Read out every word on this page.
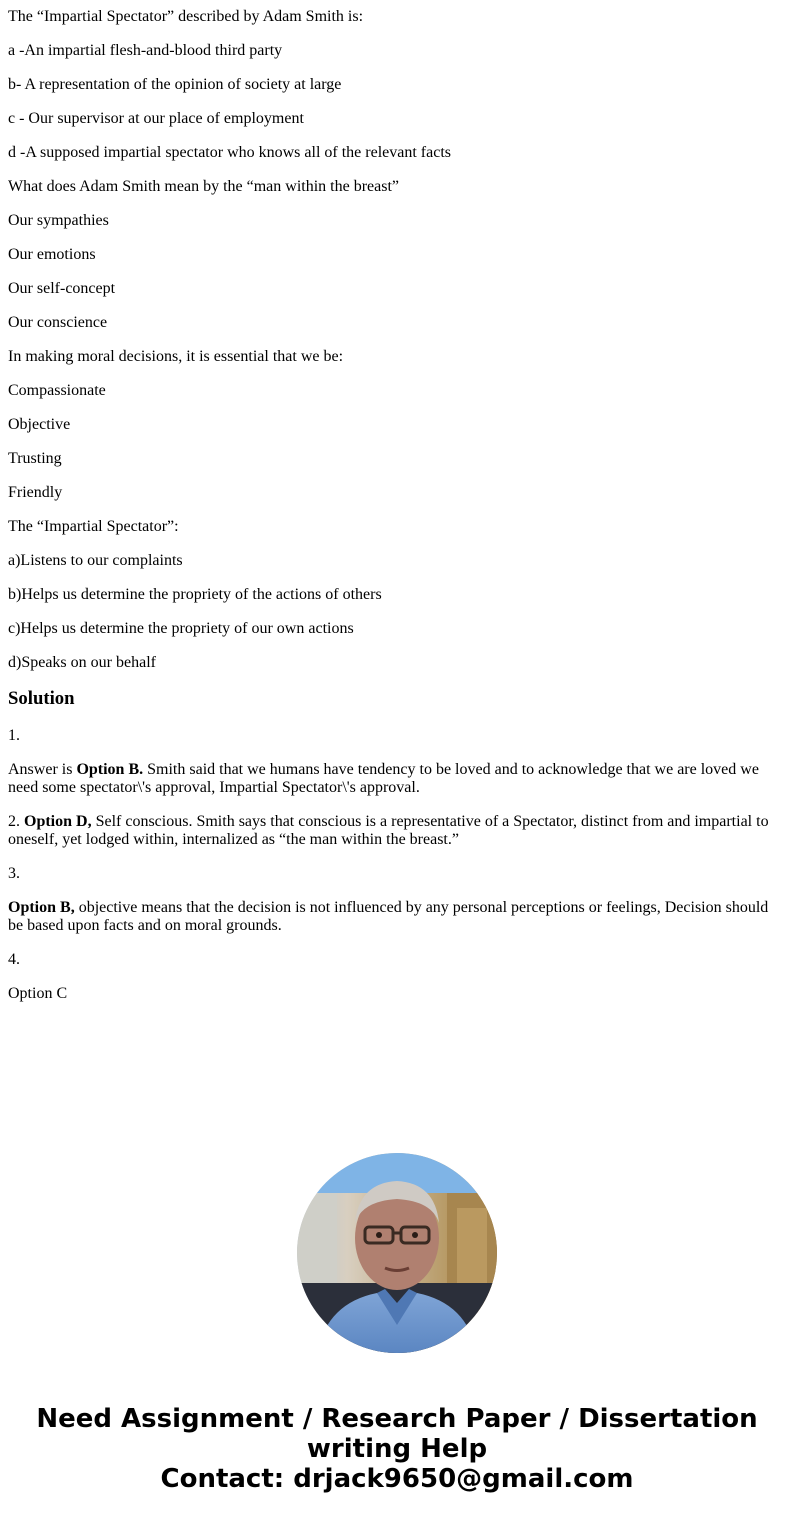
The “Impartial Spectator” described by Adam Smith is:

a -An impartial flesh-and-blood third party

b- A representation of the opinion of society at large

c - Our supervisor at our place of employment

d -A supposed impartial spectator who knows all of the relevant facts

What does Adam Smith mean by the “man within the breast”

Our sympathies

Our emotions

Our self-concept

Our conscience

In making moral decisions, it is essential that we be:

Compassionate

Objective

Trusting

Friendly

The “Impartial Spectator”:

a)Listens to our complaints

b)Helps us determine the propriety of the actions of others

c)Helps us determine the propriety of our own actions

d)Speaks on our behalf

Solution

1.

Answer is Option B. Smith said that we humans have tendency to be loved and to acknowledge that we are loved we need some spectator\'s approval, Impartial Spectator\'s approval.

2. Option D, Self conscious. Smith says that conscious is a representative of a Spectator, distinct from and impartial to oneself, yet lodged within, internalized as “the man within the breast.”

3.

Option B, objective means that the decision is not influenced by any personal perceptions or feelings, Decision should be based upon facts and on moral grounds.

4.

Option C

Need Assignment / Research Paper / Dissertation
writing Help
Contact: drjack9650@gmail.com
